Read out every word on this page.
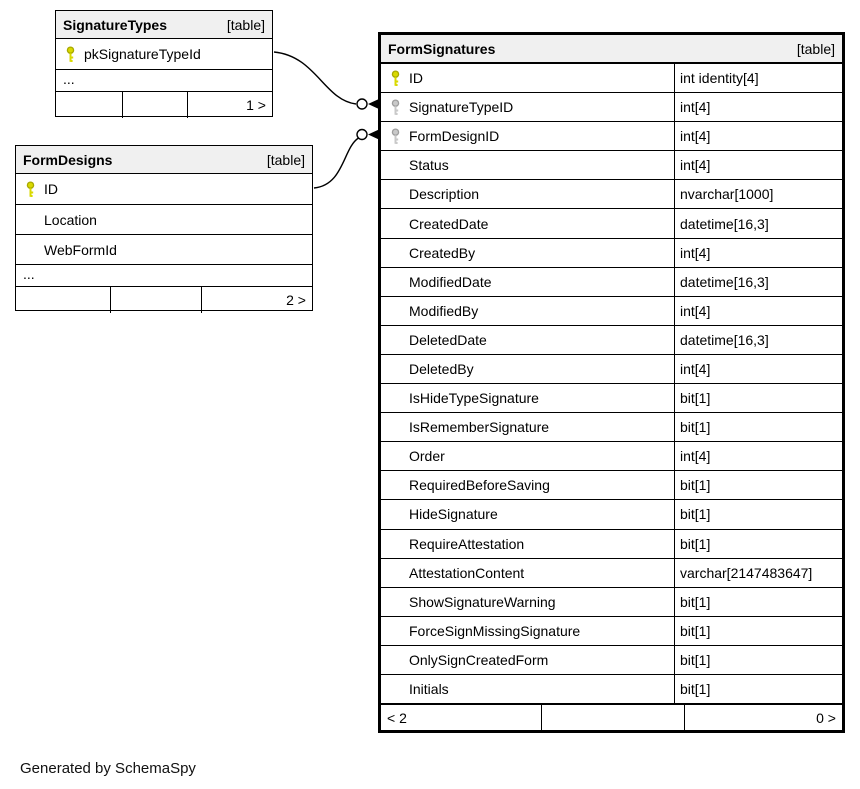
SignatureTypes	[table]
pkSignatureTypeId
...
1 >
FormDesigns	[table]
ID
Location
WebFormId
...
2 >
FormSignatures	[table]
ID	int identity[4]
SignatureTypeID	int[4]
FormDesignID	int[4]
Status	int[4]
Description	nvarchar[1000]
CreatedDate	datetime[16,3]
CreatedBy	int[4]
ModifiedDate	datetime[16,3]
ModifiedBy	int[4]
DeletedDate	datetime[16,3]
DeletedBy	int[4]
IsHideTypeSignature	bit[1]
IsRememberSignature	bit[1]
Order	int[4]
RequiredBeforeSaving	bit[1]
HideSignature	bit[1]
RequireAttestation	bit[1]
AttestationContent	varchar[2147483647]
ShowSignatureWarning	bit[1]
ForceSignMissingSignature	bit[1]
OnlySignCreatedForm	bit[1]
Initials	bit[1]
< 2	0 >
Generated by SchemaSpy
